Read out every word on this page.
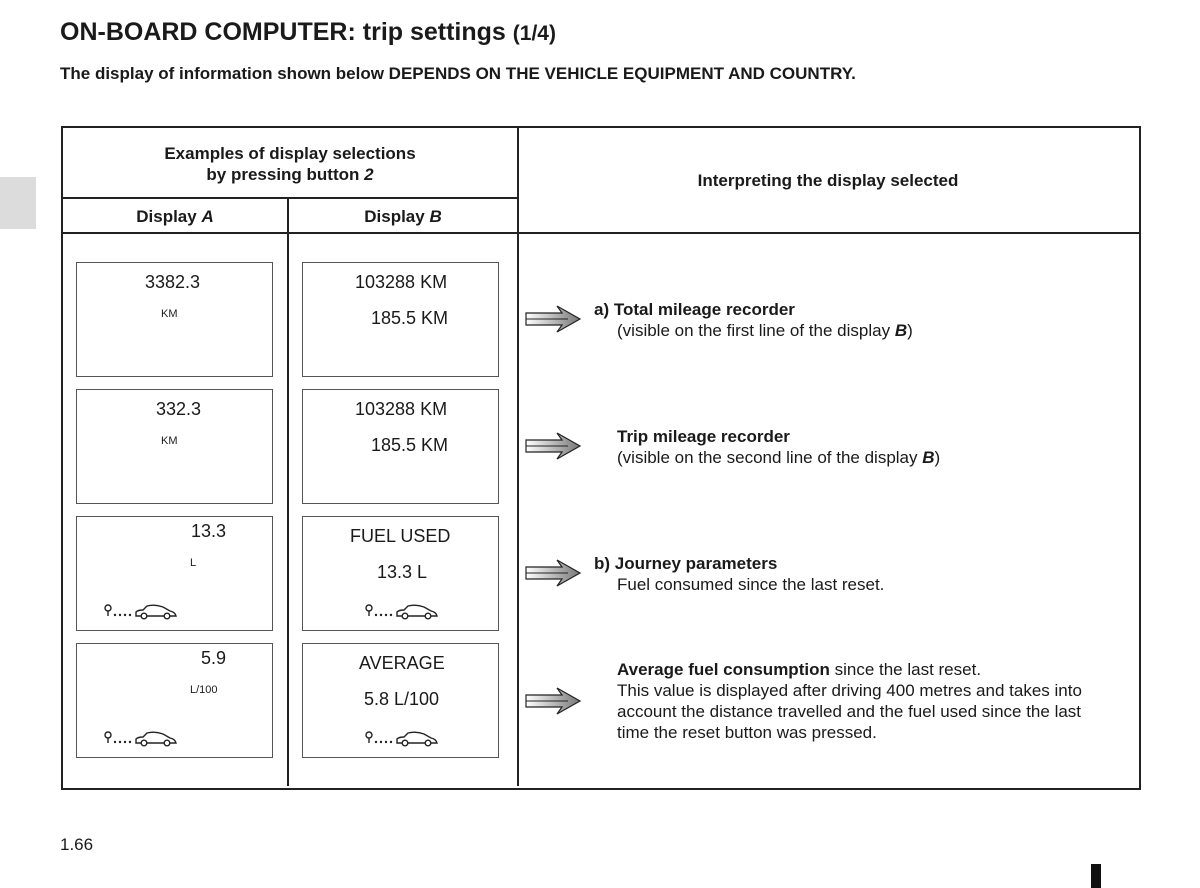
ON-BOARD COMPUTER: trip settings (1/4)
The display of information shown below DEPENDS ON THE VEHICLE EQUIPMENT AND COUNTRY.
Examples of display selections
by pressing button 2	Interpreting the display selected
Display A	Display B
3382.3
KM
103288 KM
185.5 KM
332.3
KM
103288 KM
185.5 KM
13.3
L
FUEL USED
13.3 L
5.9
L/100
AVERAGE
5.8 L/100
a) Total mileage recorder
(visible on the first line of the display B)
Trip mileage recorder
(visible on the second line of the display B)
b) Journey parameters
Fuel consumed since the last reset.
Average fuel consumption since the last reset.
This value is displayed after driving 400 metres and takes into
account the distance travelled and the fuel used since the last
time the reset button was pressed.
1.66
